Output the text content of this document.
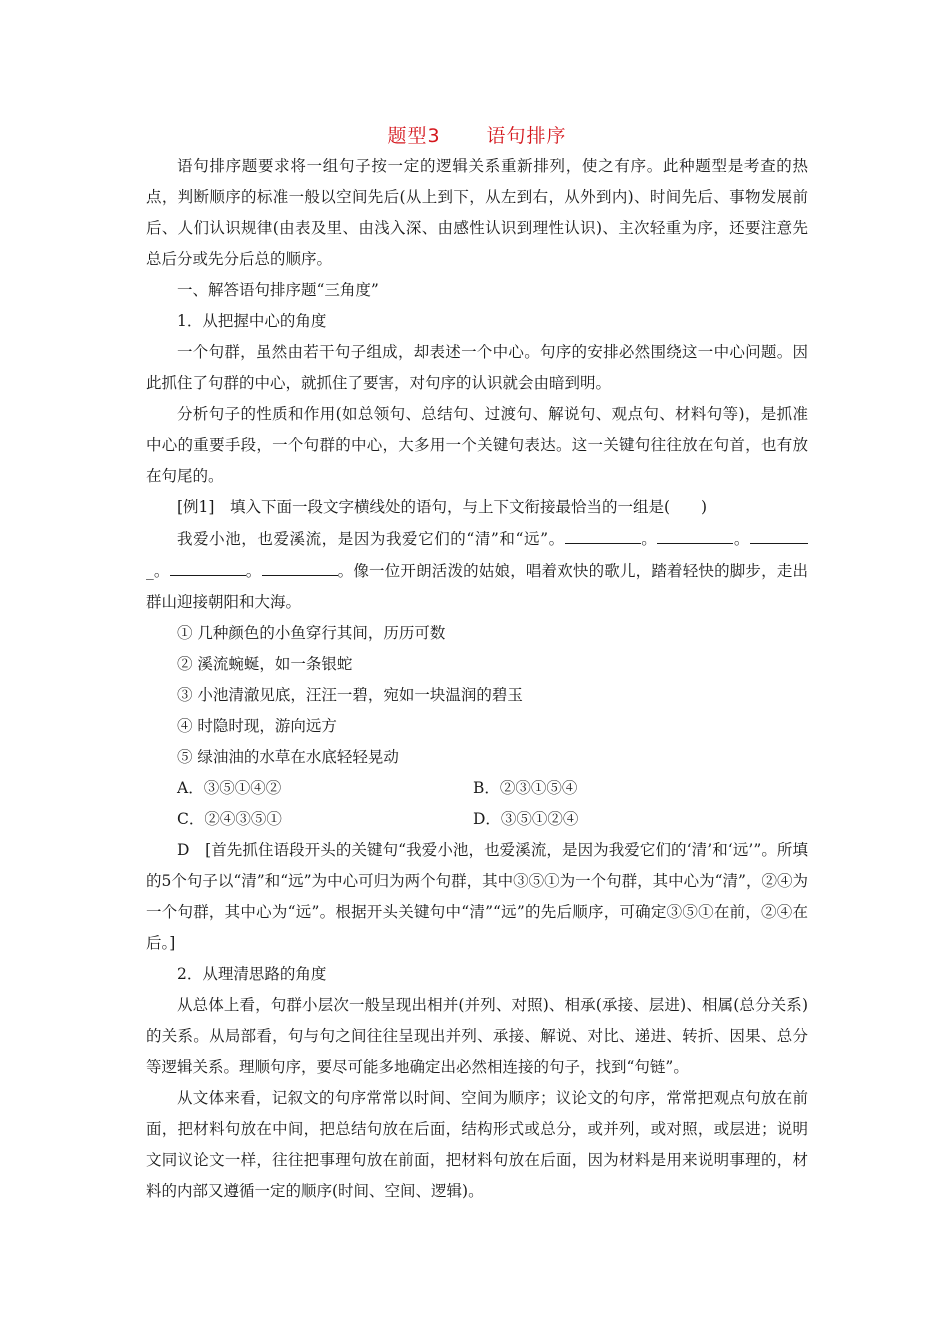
题型3 语句排序

语句排序题要求将一组句子按一定的逻辑关系重新排列，使之有序。此种题型是考查的热点，判断顺序的标准一般以空间先后(从上到下，从左到右，从外到内)、时间先后、事物发展前后、人们认识规律(由表及里、由浅入深、由感性认识到理性认识)、主次轻重为序，还要注意先总后分或先分后总的顺序。

一、解答语句排序题“三角度”

1．从把握中心的角度

一个句群，虽然由若干句子组成，却表述一个中心。句序的安排必然围绕这一中心问题。因此抓住了句群的中心，就抓住了要害，对句序的认识就会由暗到明。

分析句子的性质和作用(如总领句、总结句、过渡句、解说句、观点句、材料句等)，是抓准中心的重要手段，一个句群的中心，大多用一个关键句表达。这一关键句往往放在句首，也有放在句尾的。

[例1]　填入下面一段文字横线处的语句，与上下文衔接最恰当的一组是(　　)

我爱小池，也爱溪流，是因为我爱它们的“清”和“远”。	。	。_。	。	。像一位开朗活泼的姑娘，唱着欢快的歌儿，踏着轻快的脚步，走出群山迎接朝阳和大海。

① 几种颜色的小鱼穿行其间，历历可数

② 溪流蜿蜒，如一条银蛇

③ 小池清澈见底，汪汪一碧，宛如一块温润的碧玉

④ 时隐时现，游向远方

⑤ 绿油油的水草在水底轻轻晃动

A．③⑤①④②	B．②③①⑤④
C．②④③⑤①	D．③⑤①②④

D　[首先抓住语段开头的关键句“我爱小池，也爱溪流，是因为我爱它们的‘清’和‘远’”。所填的5个句子以“清”和“远”为中心可归为两个句群，其中③⑤①为一个句群，其中心为“清”，②④为一个句群，其中心为“远”。根据开头关键句中“清”“远”的先后顺序，可确定③⑤①在前，②④在后。]

2．从理清思路的角度

从总体上看，句群小层次一般呈现出相并(并列、对照)、相承(承接、层进)、相属(总分关系)的关系。从局部看，句与句之间往往呈现出并列、承接、解说、对比、递进、转折、因果、总分等逻辑关系。理顺句序，要尽可能多地确定出必然相连接的句子，找到“句链”。

从文体来看，记叙文的句序常常以时间、空间为顺序；议论文的句序，常常把观点句放在前面，把材料句放在中间，把总结句放在后面，结构形式或总分，或并列，或对照，或层进；说明文同议论文一样，往往把事理句放在前面，把材料句放在后面，因为材料是用来说明事理的，材料的内部又遵循一定的顺序(时间、空间、逻辑)。
